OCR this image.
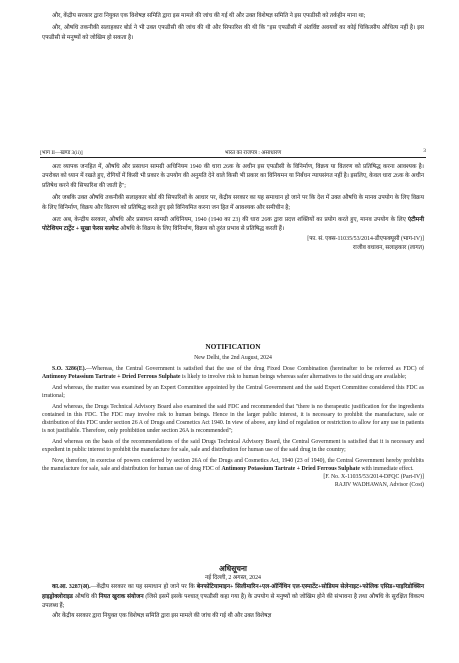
और, केंद्रीय सरकार द्वारा नियुक्त एक विशेषज्ञ समिति द्वारा इस मामले की जांच की गई थी और उक्त विशेषज्ञ समिति ने इस एफडीसी को तर्कहीन माना था;

और, औषधि तकनीकी सलाहकार बोर्ड ने भी उक्त एफडीसी की जांच की थी और सिफारिश की थी कि "इस एफडीसी में अंतर्विष्ट अवयवों का कोई चिकित्सीय औचित्य नहीं है। इस एफडीसी से मनुष्यों को जोखिम हो सकता है।

[भाग II—खण्ड 3(ii)]	भारत का राजपत्र : असाधारण	3

अतः व्यापक जनहित में, औषधि और प्रसाधन सामग्री अधिनियम 1940 की धारा 26क के अधीन इस एफडीसी के विनिर्माण, विक्रय या वितरण को प्रतिषिद्ध करना आवश्यक है। उपरोक्त को ध्यान में रखते हुए, रोगियों में किसी भी प्रकार के उपयोग की अनुमति देने वाले किसी भी प्रकार का विनियमन या निर्बंधन न्यायसंगत नहीं है। इसलिए, केवल धारा 26क के अधीन प्रतिषेध करने की सिफारिश की जाती है";

और जबकि उक्त औषधि तकनीकी सलाहकार बोर्ड की सिफारिशों के आधार पर, केंद्रीय सरकार का यह समाधान हो जाने पर कि देश में उक्त औषधि के मानव उपयोग के लिए विक्रय के लिए विनिर्माण, विक्रय और वितरण को प्रतिषिद्ध करते हुए इसे विनियमित करना जन हित में आवश्यक और समीचीन है;

अतः अब, केन्द्रीय सरकार, औषधि और प्रसाधन सामग्री अधिनियम, 1940 (1940 का 23) की धारा 26क द्वारा प्रदत्त शक्तियों का प्रयोग करते हुए, मानव उपयोग के लिए एंटीमनी पोटेशियम टार्ट्रेट + सूखा फेरस सल्फेट औषधि के विक्रय के लिए विनिर्माण, विक्रय को तुरंत प्रभाव से प्रतिषिद्ध करती हैं।

[फा. सं. एक्स-11035/53/2014-डीएफक्यूसी (भाग-IV)]

राजीव वधावन, सलाहकार (लागत)

NOTIFICATION

New Delhi, the 2nd August, 2024

S.O. 3286(E).—Whereas, the Central Government is satisfied that the use of the drug Fixed Dose Combination (hereinafter to be referred as FDC) of Antimony Potassium Tartrate + Dried Ferrous Sulphate is likely to involve risk to human beings whereas safer alternatives to the said drug are available;

And whereas, the matter was examined by an Expert Committee appointed by the Central Government and the said Expert Committee considered this FDC as irrational;

And whereas, the Drugs Technical Advisory Board also examined the said FDC and recommended that "there is no therapeutic justification for the ingredients contained in this FDC. The FDC may involve risk to human beings. Hence in the larger public interest, it is necessary to prohibit the manufacture, sale or distribution of this FDC under section 26 A of Drugs and Cosmetics Act 1940. In view of above, any kind of regulation or restriction to allow for any use in patients is not justifiable. Therefore, only prohibition under section 26A is recommended";

And whereas on the basis of the recommendations of the said Drugs Technical Advisory Board, the Central Government is satisfied that it is necessary and expedient in public interest to prohibit the manufacture for sale, sale and distribution for human use of the said drug in the country;

Now, therefore, in exercise of powers conferred by section 26A of the Drugs and Cosmetics Act, 1940 (23 of 1940), the Central Government hereby prohibits the manufacture for sale, sale and distribution for human use of drug FDC of Antimony Potassium Tartrate + Dried Ferrous Sulphate with immediate effect.

[F. No. X-11035/53/2014-DFQC (Part-IV)]

RAJIV WADHAWAN, Advisor (Cost)

अधिसूचना

नई दिल्ली, 2 अगस्त, 2024

का.आ. 3287(अ).—केंद्रीय सरकार का यह समाधान हो जाने पर कि बेनफोटियामाइन+ सिलीमारिन+एल-ऑर्निथिन एल-एस्पार्टेट+सोडियम सेलेनाइट+फोलिक एसिड+पाइरिडोक्सिन हाइड्रोक्लोराइड औषधि की नियत खुराक संयोजन (जिसे इसमें इसके पश्चात् एफडीसी कहा गया है) के उपयोग से मनुष्यों को जोखिम होने की संभावना है तथा औषधि के सुरक्षित विकल्प उपलब्ध हैं;

और केंद्रीय सरकार द्वारा नियुक्त एक विशेषज्ञ समिति द्वारा इस मामले की जांच की गई थी और उक्त विशेषज्ञ
